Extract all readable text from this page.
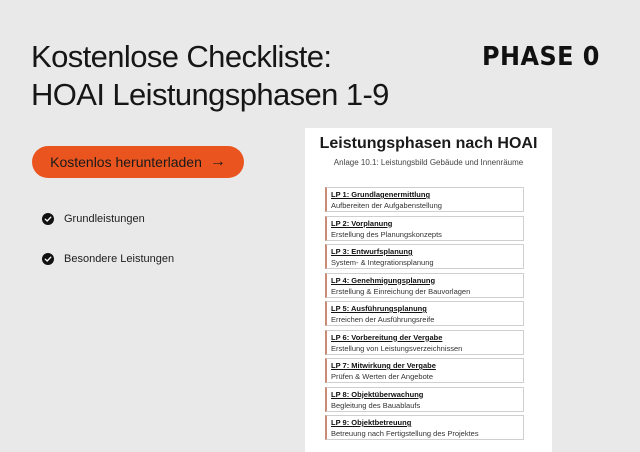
Kostenlose Checkliste:
HOAI Leistungsphasen 1-9
PHASE 0
Kostenlos herunterladen →
Grundleistungen
Besondere Leistungen
Leistungsphasen nach HOAI
Anlage 10.1: Leistungsbild Gebäude und Innenräume
LP 1: Grundlagenermittlung
Aufbereiten der Aufgabenstellung
LP 2: Vorplanung
Erstellung des Planungskonzepts
LP 3: Entwurfsplanung
System- & Integrationsplanung
LP 4: Genehmigungsplanung
Erstellung & Einreichung der Bauvorlagen
LP 5: Ausführungsplanung
Erreichen der Ausführungsreife
LP 6: Vorbereitung der Vergabe
Erstellung von Leistungsverzeichnissen
LP 7: Mitwirkung der Vergabe
Prüfen & Werten der Angebote
LP 8: Objektüberwachung
Begleitung des Bauablaufs
LP 9: Objektbetreuung
Betreuung nach Fertigstellung des Projektes
